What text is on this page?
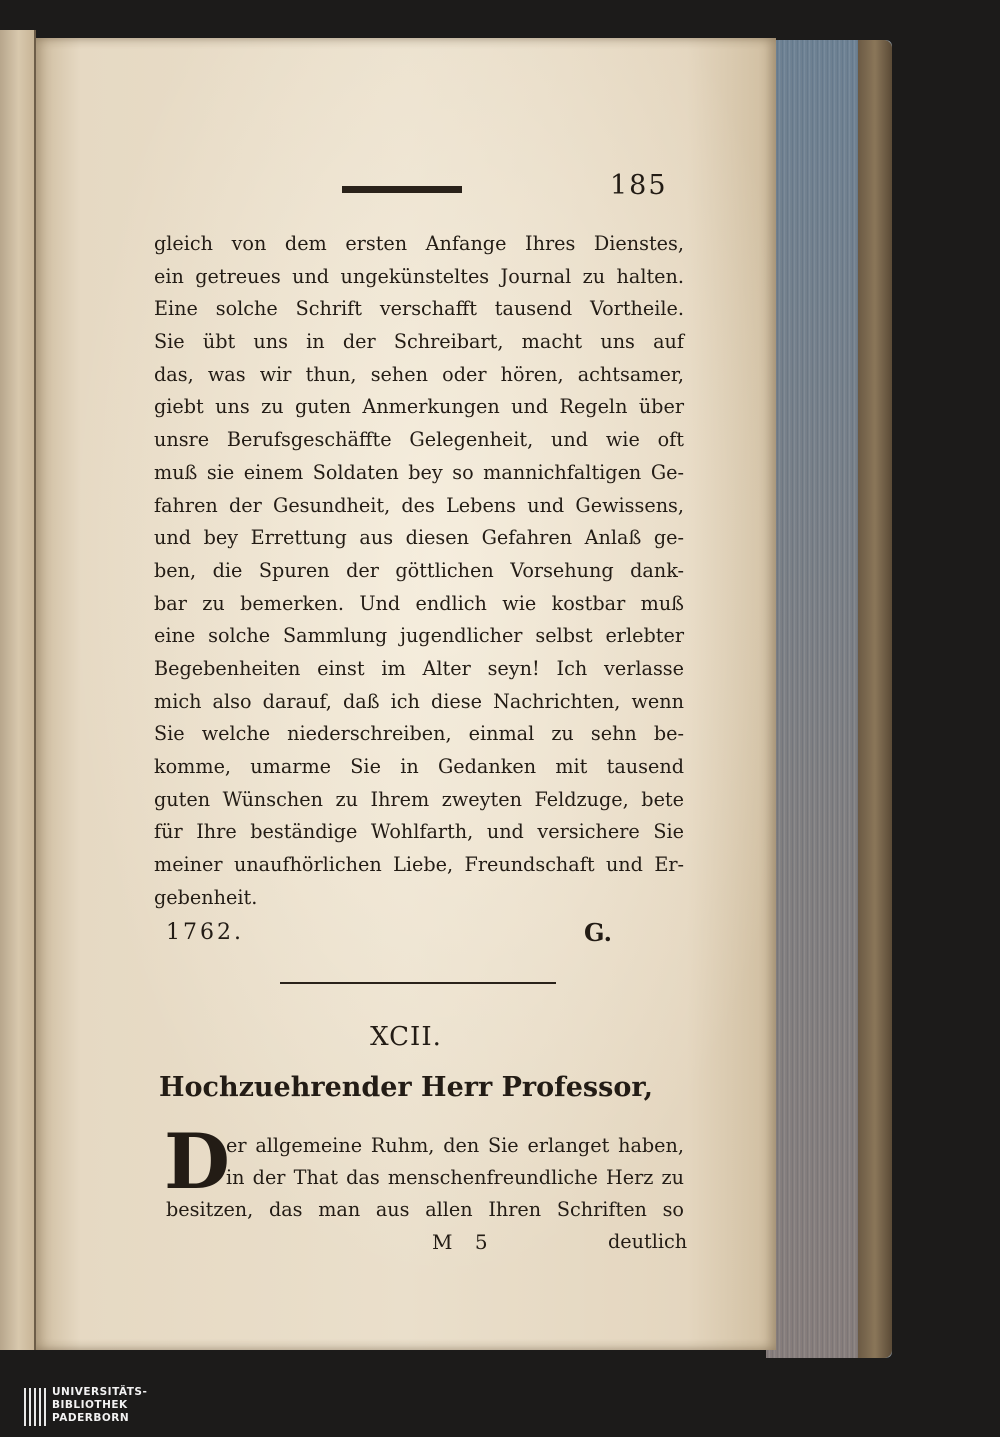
185
gleich von dem ersten Anfange Ihres Dienstes,
ein getreues und ungekünsteltes Journal zu halten.
Eine solche Schrift verschafft tausend Vortheile.
Sie übt uns in der Schreibart, macht uns auf
das, was wir thun, sehen oder hören, achtsamer,
giebt uns zu guten Anmerkungen und Regeln über
unsre Berufsgeschäffte Gelegenheit, und wie oft
muß sie einem Soldaten bey so mannichfaltigen Ge-
fahren der Gesundheit, des Lebens und Gewissens,
und bey Errettung aus diesen Gefahren Anlaß ge-
ben, die Spuren der göttlichen Vorsehung dank-
bar zu bemerken. Und endlich wie kostbar muß
eine solche Sammlung jugendlicher selbst erlebter
Begebenheiten einst im Alter seyn! Ich verlasse
mich also darauf, daß ich diese Nachrichten, wenn
Sie welche niederschreiben, einmal zu sehn be-
komme, umarme Sie in Gedanken mit tausend
guten Wünschen zu Ihrem zweyten Feldzuge, bete
für Ihre beständige Wohlfarth, und versichere Sie
meiner unaufhörlichen Liebe, Freundschaft und Er-
gebenheit.
1762.	G.
XCII.
Hochzuehrender Herr Professor,
D
er allgemeine Ruhm, den Sie erlanget haben,
in der That das menschenfreundliche Herz zu
besitzen, das man aus allen Ihren Schriften so
M 5	deutlich
UNIVERSITÄTS-
BIBLIOTHEK
PADERBORN
